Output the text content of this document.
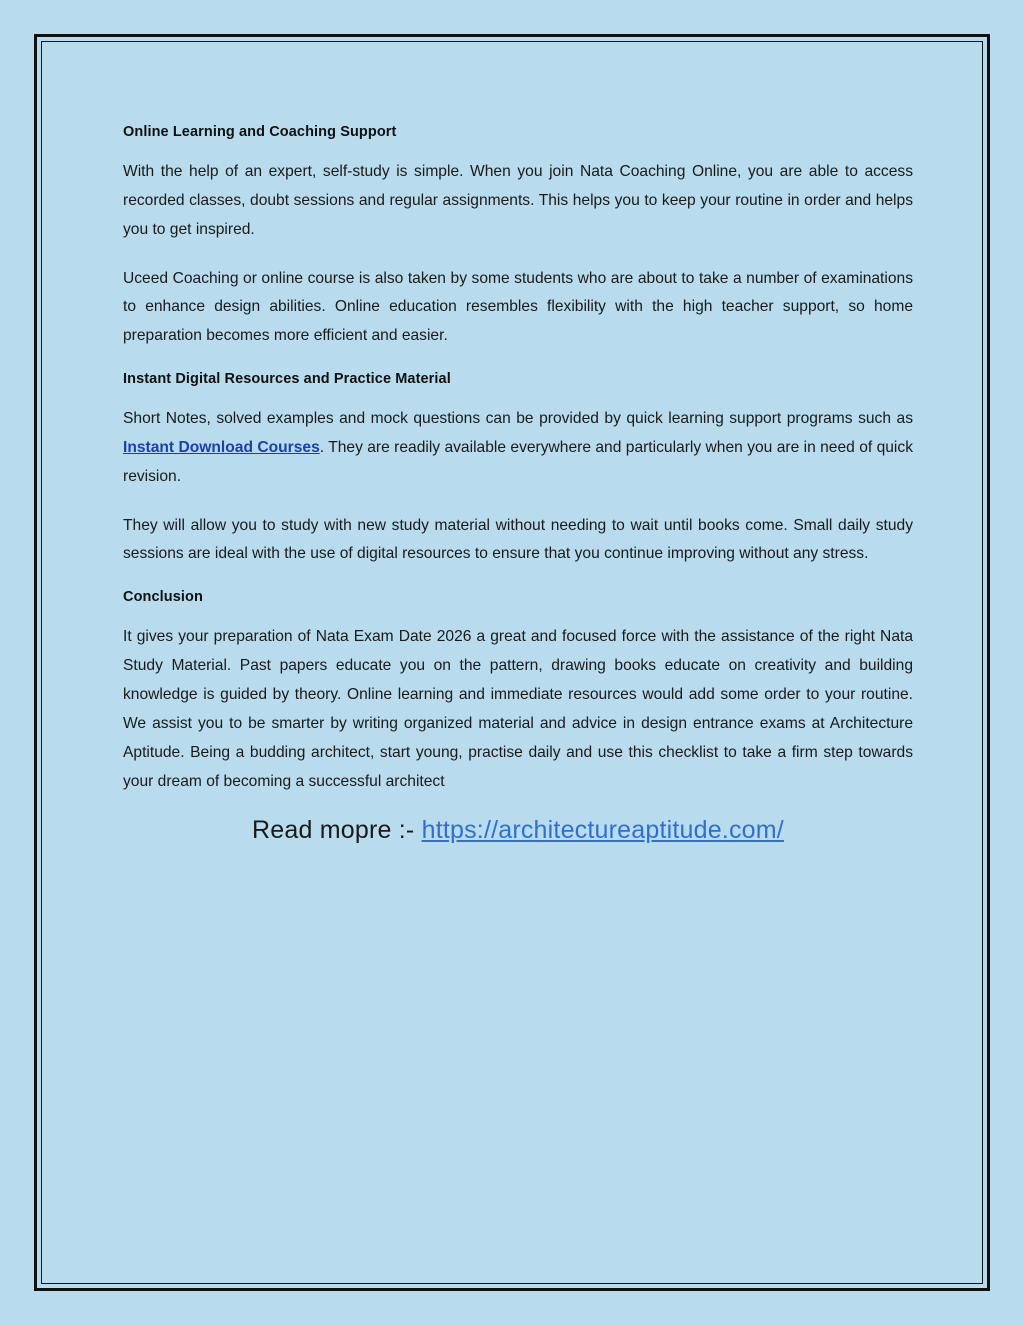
Online Learning and Coaching Support

With the help of an expert, self-study is simple. When you join Nata Coaching Online, you are able to access recorded classes, doubt sessions and regular assignments. This helps you to keep your routine in order and helps you to get inspired.

Uceed Coaching or online course is also taken by some students who are about to take a number of examinations to enhance design abilities. Online education resembles flexibility with the high teacher support, so home preparation becomes more efficient and easier.

Instant Digital Resources and Practice Material

Short Notes, solved examples and mock questions can be provided by quick learning support programs such as Instant Download Courses. They are readily available everywhere and particularly when you are in need of quick revision.

They will allow you to study with new study material without needing to wait until books come. Small daily study sessions are ideal with the use of digital resources to ensure that you continue improving without any stress.

Conclusion

It gives your preparation of Nata Exam Date 2026 a great and focused force with the assistance of the right Nata Study Material. Past papers educate you on the pattern, drawing books educate on creativity and building knowledge is guided by theory. Online learning and immediate resources would add some order to your routine. We assist you to be smarter by writing organized material and advice in design entrance exams at Architecture Aptitude. Being a budding architect, start young, practise daily and use this checklist to take a firm step towards your dream of becoming a successful architect

Read mopre :- https://architectureaptitude.com/
